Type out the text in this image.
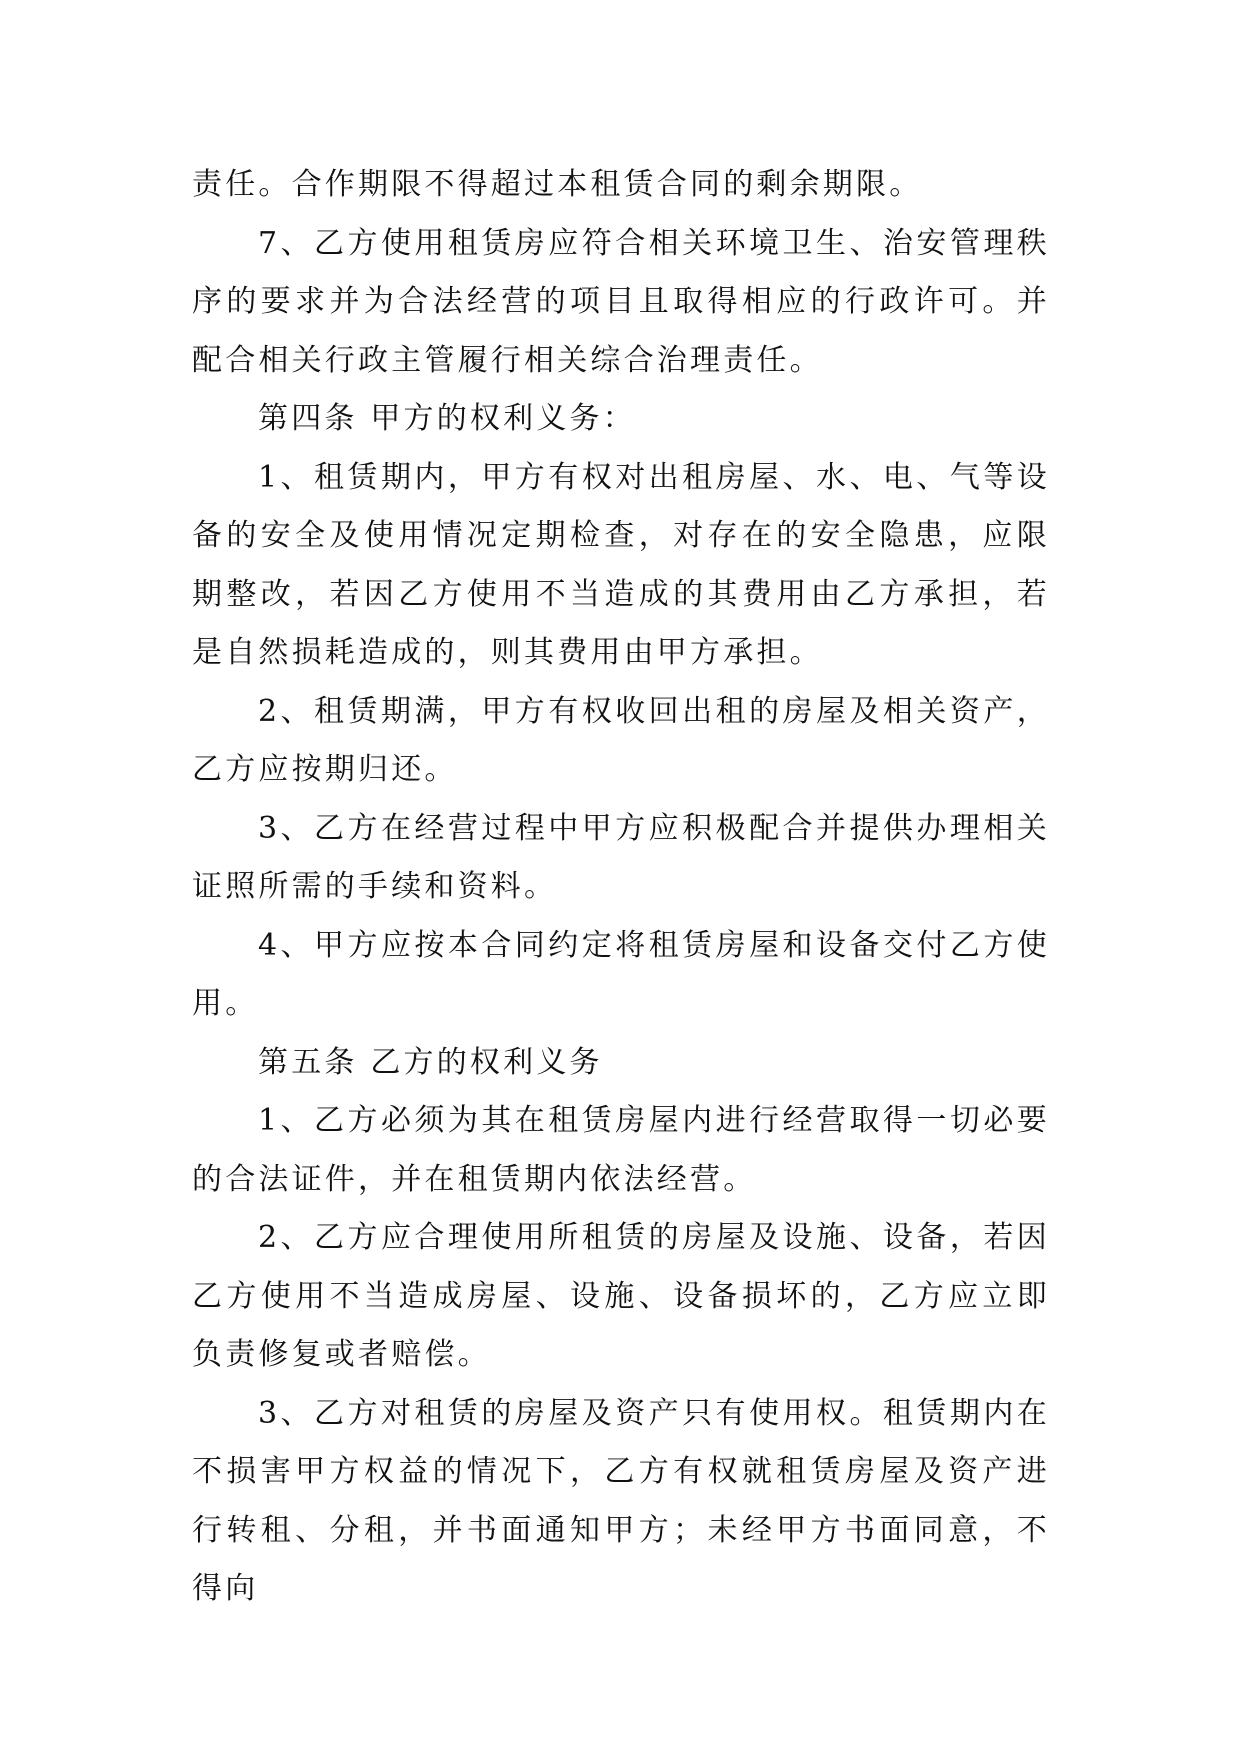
责任。合作期限不得超过本租赁合同的剩余期限。

7、乙方使用租赁房应符合相关环境卫生、治安管理秩序的要求并为合法经营的项目且取得相应的行政许可。并配合相关行政主管履行相关综合治理责任。

第四条 甲方的权利义务：

1、租赁期内，甲方有权对出租房屋、水、电、气等设备的安全及使用情况定期检查，对存在的安全隐患，应限期整改，若因乙方使用不当造成的其费用由乙方承担，若是自然损耗造成的，则其费用由甲方承担。

2、租赁期满，甲方有权收回出租的房屋及相关资产，乙方应按期归还。

3、乙方在经营过程中甲方应积极配合并提供办理相关证照所需的手续和资料。

4、甲方应按本合同约定将租赁房屋和设备交付乙方使用。

第五条 乙方的权利义务

1、乙方必须为其在租赁房屋内进行经营取得一切必要的合法证件，并在租赁期内依法经营。

2、乙方应合理使用所租赁的房屋及设施、设备，若因乙方使用不当造成房屋、设施、设备损坏的，乙方应立即负责修复或者赔偿。

3、乙方对租赁的房屋及资产只有使用权。租赁期内在不损害甲方权益的情况下，乙方有权就租赁房屋及资产进行转租、分租，并书面通知甲方；未经甲方书面同意，不得向
